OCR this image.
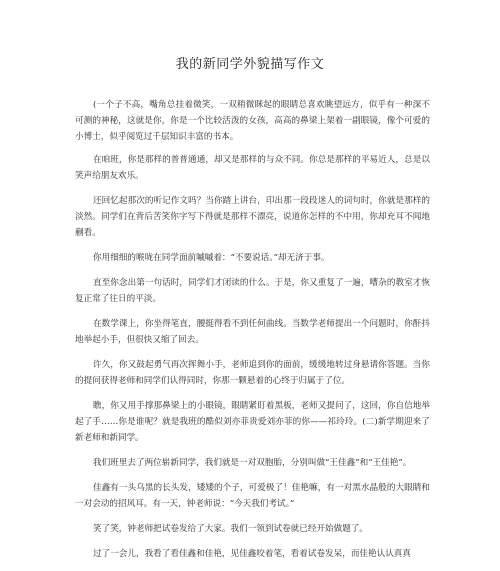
我的新同学外貌描写作文

(一个子不高，嘴角总挂着微笑，一双稍微眯起的眼睛总喜欢眺望远方，似乎有一种深不可测的神秘，这就是你，你是一个比较活泼的女孩，高高的鼻梁上架着一副眼镜，像个可爱的小博士，似乎阅览过千层知识丰富的书本。

在咱班，你是那样的普普通通，却又是那样的与众不同。你总是那样的平易近人，总是以笑声给朋友欢乐。

还回忆起那次的听记作文吗？当你踏上讲台，印出那一段段迷人的词句时，你就是那样的淡然。同学们在背后苦笑你字写下得就是那样不漂亮，说道你怎样的不中用，你却充耳不闻地蒯看。

你用细细的喉咙在同学面前嘁嘁着：“不要说话。”却无济于事。

直至你念出第一句话时，同学们才闭读的什么。于是，你又重复了一遍，嘈杂的教室才恢复正常了往日的平淡。

在数学课上，你坐得笔直，腰挺得看不到任何曲线。当数学老师提出一个问题时，你酐抖地举起小手，但很快又缩了回去。

许久，你又鼓起勇气再次挥舞小手，老师追到你的面前，缓缓地转过身悬请你答题。当你的提问获得老师和同学们认得同时，你那一颗悬着的心终于归属于了位。

瞧，你又用手撑那鼻梁上的小眼镜，眼睛紧盯着黑板，老师又提问了，这回，你自信地举起了手……你是谁呢？就是我班的酷似刘亦菲贵爱刘亦菲的你——祁玲玲。(二)新学期迎来了新老师和新同学。

我们班里去了两位崭新同学，我们就是一对双胞胎，分别叫做“王佳鑫”和“王佳艳”。

佳鑫有一头乌黑的长头发，矮矮的个子，可爱极了！佳艳嘛，有一对黑水晶般的大眼睛和一对会动的招风耳。有一天，钟老师说：“今天我们考试。”

笑了笑，钟老师把试卷发给了大家。我们一领到试卷就已经开始做题了。

过了一会儿，我看了看佳鑫和佳艳，见佳鑫咬着笔，看着试卷发呆，而佳艳认认真真
